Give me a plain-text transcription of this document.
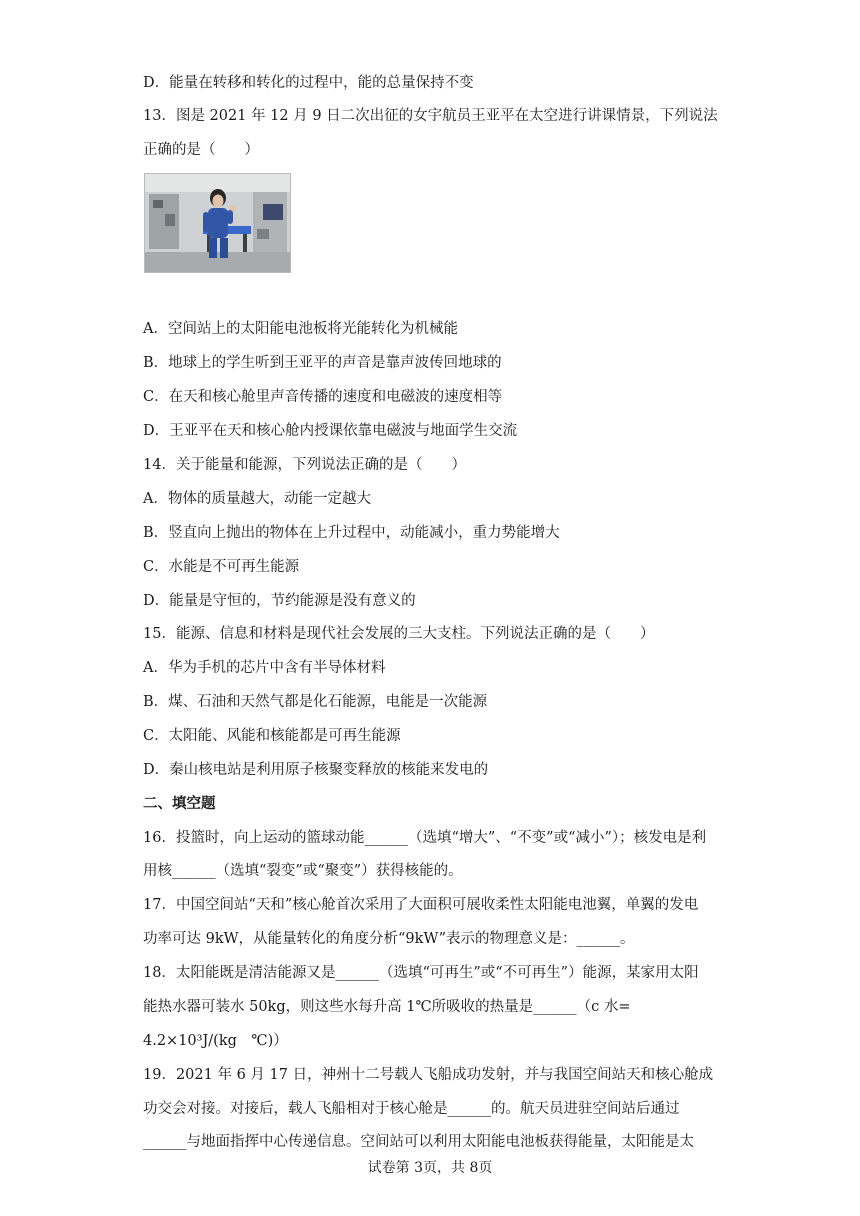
D．能量在转移和转化的过程中，能的总量保持不变
13．图是 2021 年 12 月 9 日二次出征的女宇航员王亚平在太空进行讲课情景，下列说法
正确的是（　　）
A．空间站上的太阳能电池板将光能转化为机械能
B．地球上的学生听到王亚平的声音是靠声波传回地球的
C．在天和核心舱里声音传播的速度和电磁波的速度相等
D．王亚平在天和核心舱内授课依靠电磁波与地面学生交流
14．关于能量和能源，下列说法正确的是（　　）
A．物体的质量越大，动能一定越大
B．竖直向上抛出的物体在上升过程中，动能减小，重力势能增大
C．水能是不可再生能源
D．能量是守恒的，节约能源是没有意义的
15．能源、信息和材料是现代社会发展的三大支柱。下列说法正确的是（　　）
A．华为手机的芯片中含有半导体材料
B．煤、石油和天然气都是化石能源，电能是一次能源
C．太阳能、风能和核能都是可再生能源
D．秦山核电站是利用原子核聚变释放的核能来发电的
二、填空题
16．投篮时，向上运动的篮球动能______（选填“增大”、“不变”或“减小”）；核发电是利
用核______（选填“裂变”或“聚变”）获得核能的。
17．中国空间站“天和”核心舱首次采用了大面积可展收柔性太阳能电池翼，单翼的发电
功率可达 9kW，从能量转化的角度分析“9kW”表示的物理意义是：______。
18．太阳能既是清洁能源又是______（选填“可再生”或“不可再生”）能源，某家用太阳
能热水器可装水 50kg，则这些水每升高 1℃所吸收的热量是______（c 水=
4.2×10³J/(kg　℃)）
19．2021 年 6 月 17 日，神州十二号载人飞船成功发射，并与我国空间站天和核心舱成
功交会对接。对接后，载人飞船相对于核心舱是______的。航天员进驻空间站后通过
______与地面指挥中心传递信息。空间站可以利用太阳能电池板获得能量，太阳能是太
试卷第 3页，共 8页
